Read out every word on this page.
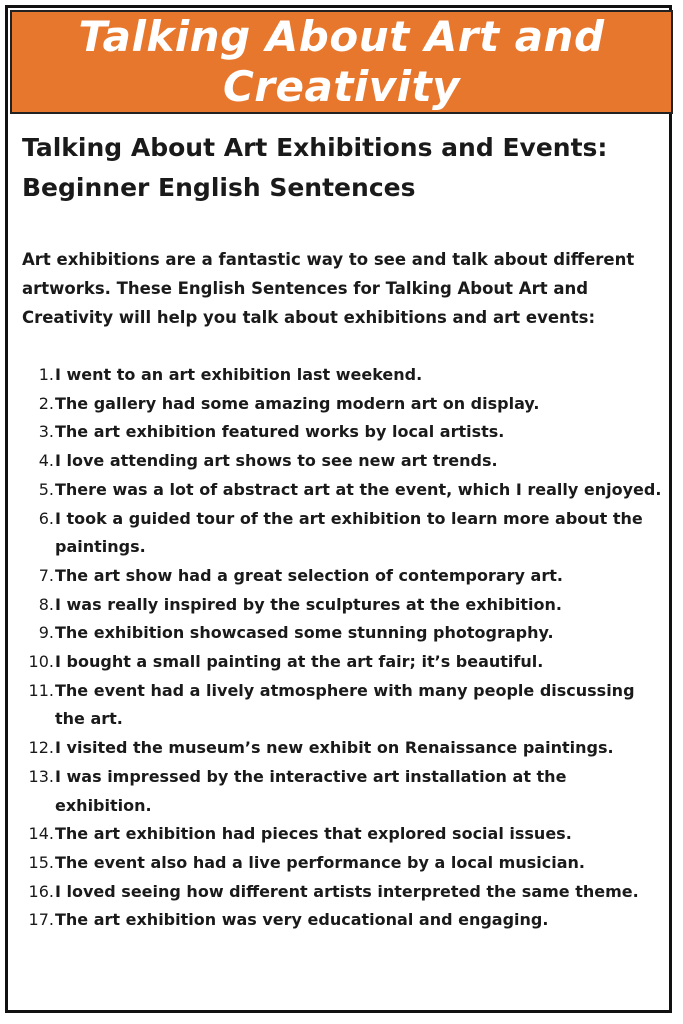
Talking About Art and Creativity
Talking About Art Exhibitions and Events: Beginner English Sentences

Art exhibitions are a fantastic way to see and talk about different artworks. These English Sentences for Talking About Art and Creativity will help you talk about exhibitions and art events:

1. I went to an art exhibition last weekend.
2. The gallery had some amazing modern art on display.
3. The art exhibition featured works by local artists.
4. I love attending art shows to see new art trends.
5. There was a lot of abstract art at the event, which I really enjoyed.
6. I took a guided tour of the art exhibition to learn more about the paintings.
7. The art show had a great selection of contemporary art.
8. I was really inspired by the sculptures at the exhibition.
9. The exhibition showcased some stunning photography.
10. I bought a small painting at the art fair; it’s beautiful.
11. The event had a lively atmosphere with many people discussing the art.
12. I visited the museum’s new exhibit on Renaissance paintings.
13. I was impressed by the interactive art installation at the exhibition.
14. The art exhibition had pieces that explored social issues.
15. The event also had a live performance by a local musician.
16. I loved seeing how different artists interpreted the same theme.
17. The art exhibition was very educational and engaging.
